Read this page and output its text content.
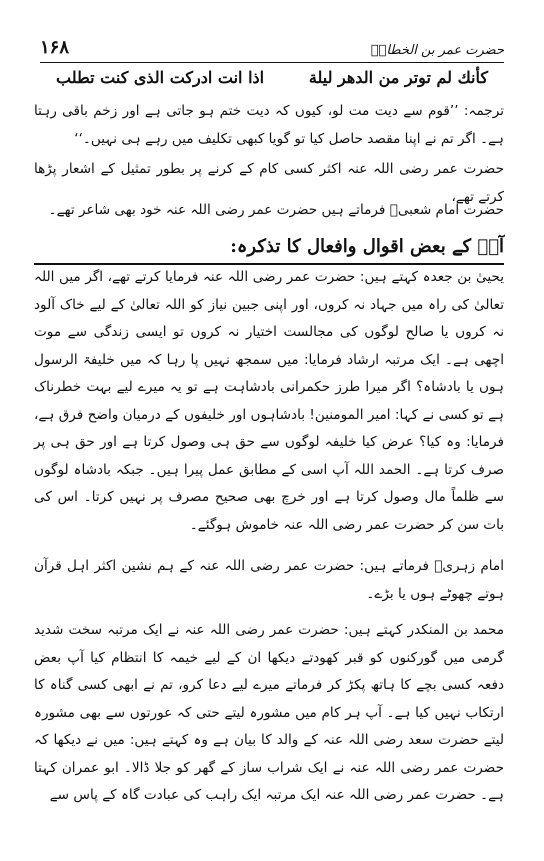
حضرت عمر بن الخطابؓ
۱۶۸
كأنك لم توتر من الدهر ليلة
اذا انت ادركت الذى كنت تطلب
ترجمہ: ’’قوم سے دیت مت لو، کیوں کہ دیت ختم ہو جاتی ہے اور زخم باقی رہتا ہے۔ اگر تم نے اپنا مقصد حاصل کیا تو گویا کبھی تکلیف میں رہے ہی نہیں۔‘‘
حضرت عمر رضی اللہ عنہ اکثر کسی کام کے کرنے پر بطور تمثیل کے اشعار پڑھا کرتے تھے،
حضرت امام شعبیؒ فرماتے ہیں حضرت عمر رضی اللہ عنہ خود بھی شاعر تھے۔
آپؓ کے بعض اقوال وافعال کا تذکرہ:
یحییٰ بن جعدہ کہتے ہیں: حضرت عمر رضی اللہ عنہ فرمایا کرتے تھے، اگر میں اللہ تعالیٰ کی راہ میں جہاد نہ کروں، اور اپنی جبین نیاز کو اللہ تعالیٰ کے لیے خاک آلود نہ کروں یا صالح لوگوں کی مجالست اختیار نہ کروں تو ایسی زندگی سے موت اچھی ہے۔ ایک مرتبہ ارشاد فرمایا: میں سمجھ نہیں پا رہا کہ میں خلیفۃ الرسول ہوں یا بادشاہ؟ اگر میرا طرز حکمرانی بادشاہت ہے تو یہ میرے لیے بہت خطرناک ہے تو کسی نے کہا: امیر المومنین! بادشاہوں اور خلیفوں کے درمیان واضح فرق ہے، فرمایا: وہ کیا؟ عرض کیا خلیفہ لوگوں سے حق ہی وصول کرتا ہے اور حق ہی پر صرف کرتا ہے۔ الحمد اللہ آپ اسی کے مطابق عمل پیرا ہیں۔ جبکہ بادشاہ لوگوں سے ظلماً مال وصول کرتا ہے اور خرچ بھی صحیح مصرف پر نہیں کرتا۔ اس کی بات سن کر حضرت عمر رضی اللہ عنہ خاموش ہوگئے۔
امام زہریؒ فرماتے ہیں: حضرت عمر رضی اللہ عنہ کے ہم نشین اکثر اہل قرآن ہوتے چھوٹے ہوں یا بڑے۔
محمد بن المنکدر کہتے ہیں: حضرت عمر رضی اللہ عنہ نے ایک مرتبہ سخت شدید گرمی میں گورکنوں کو قبر کھودتے دیکھا ان کے لیے خیمہ کا انتظام کیا آپ بعض دفعہ کسی بچے کا ہاتھ پکڑ کر فرماتے میرے لیے دعا کرو، تم نے ابھی کسی گناہ کا ارتکاب نہیں کیا ہے۔ آپ ہر کام میں مشورہ لیتے حتی کہ عورتوں سے بھی مشورہ لیتے حضرت سعد رضی اللہ عنہ کے والد کا بیان ہے وہ کہتے ہیں: میں نے دیکھا کہ حضرت عمر رضی اللہ عنہ نے ایک شراب ساز کے گھر کو جلا ڈالا۔ ابو عمران کہتا ہے۔ حضرت عمر رضی اللہ عنہ ایک مرتبہ ایک راہب کی عبادت گاہ کے پاس سے
